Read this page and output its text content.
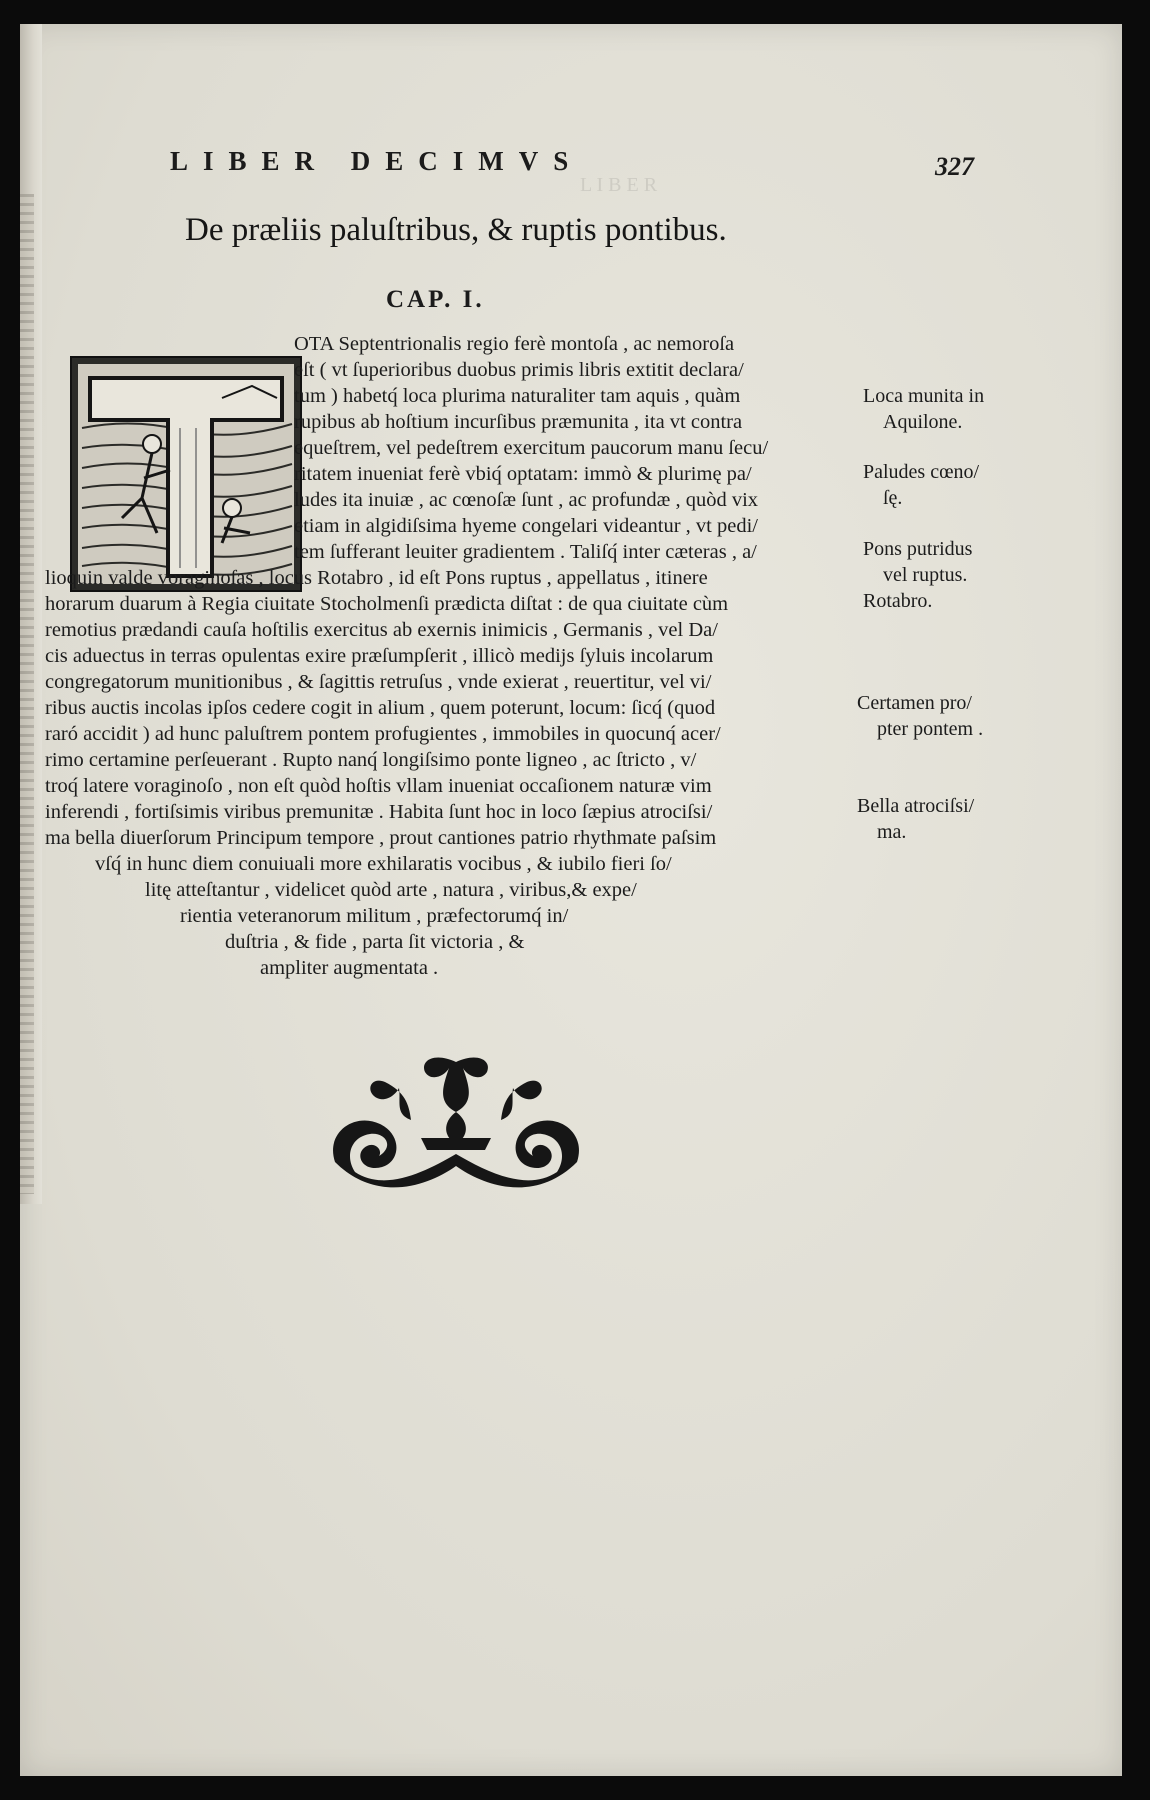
L I B E R

LIBER DECIMVS	327
De præliis paluſtribus, & ruptis pontibus.
CAP. I.
OTA Septentrionalis regio ferè montoſa , ac nemoroſa
eſt ( vt ſuperioribus duobus primis libris extitit declara/
tum ) habetq́ loca plurima naturaliter tam aquis , quàm
rupibus ab hoſtium incurſibus præmunita , ita vt contra
equeſtrem, vel pedeſtrem exercitum paucorum manu ſecu/
ritatem inueniat ferè vbiq́ optatam: immò & plurimę pa/
ludes ita inuiæ , ac cœnoſæ ſunt , ac profundæ , quòd vix
etiam in algidiſsima hyeme congelari videantur , vt pedi/
tem ſufferant leuiter gradientem . Taliſq́ inter cæteras , a/
lioquin valde voraginoſas , locus Rotabro , id eſt Pons ruptus , appellatus , itinere
horarum duarum à Regia ciuitate Stocholmenſi prædicta diſtat : de qua ciuitate cùm
remotius prædandi cauſa hoſtilis exercitus ab exernis inimicis , Germanis , vel Da/
cis aduectus in terras opulentas exire præſumpſerit , illicò medijs ſyluis incolarum
congregatorum munitionibus , & ſagittis retruſus , vnde exierat , reuertitur, vel vi/
ribus auctis incolas ipſos cedere cogit in alium , quem poterunt, locum: ſicq́ (quod
raró accidit ) ad hunc paluſtrem pontem profugientes , immobiles in quocunq́ acer/
rimo certamine perſeuerant . Rupto nanq́ longiſsimo ponte ligneo , ac ſtricto , v/
troq́ latere voraginoſo , non eſt quòd hoſtis vllam inueniat occaſionem naturæ vim
inferendi , fortiſsimis viribus premunitæ . Habita ſunt hoc in loco ſæpius atrociſsi/
ma bella diuerſorum Principum tempore , prout cantiones patrio rhythmate paſsim
vſq́ in hunc diem conuiuali more exhilaratis vocibus , & iubilo fieri ſo/
litę atteſtantur , videlicet quòd arte , natura , viribus,& expe/
rientia veteranorum militum , præfectorumq́ in/
duſtria , & fide , parta ſit victoria , &
ampliter augmentata .
Loca munita in
Aquilone.
Paludes cœno/
ſę.
Pons putridus
vel ruptus.
Rotabro.
Certamen pro/
pter pontem .
Bella atrociſsi/
ma.
